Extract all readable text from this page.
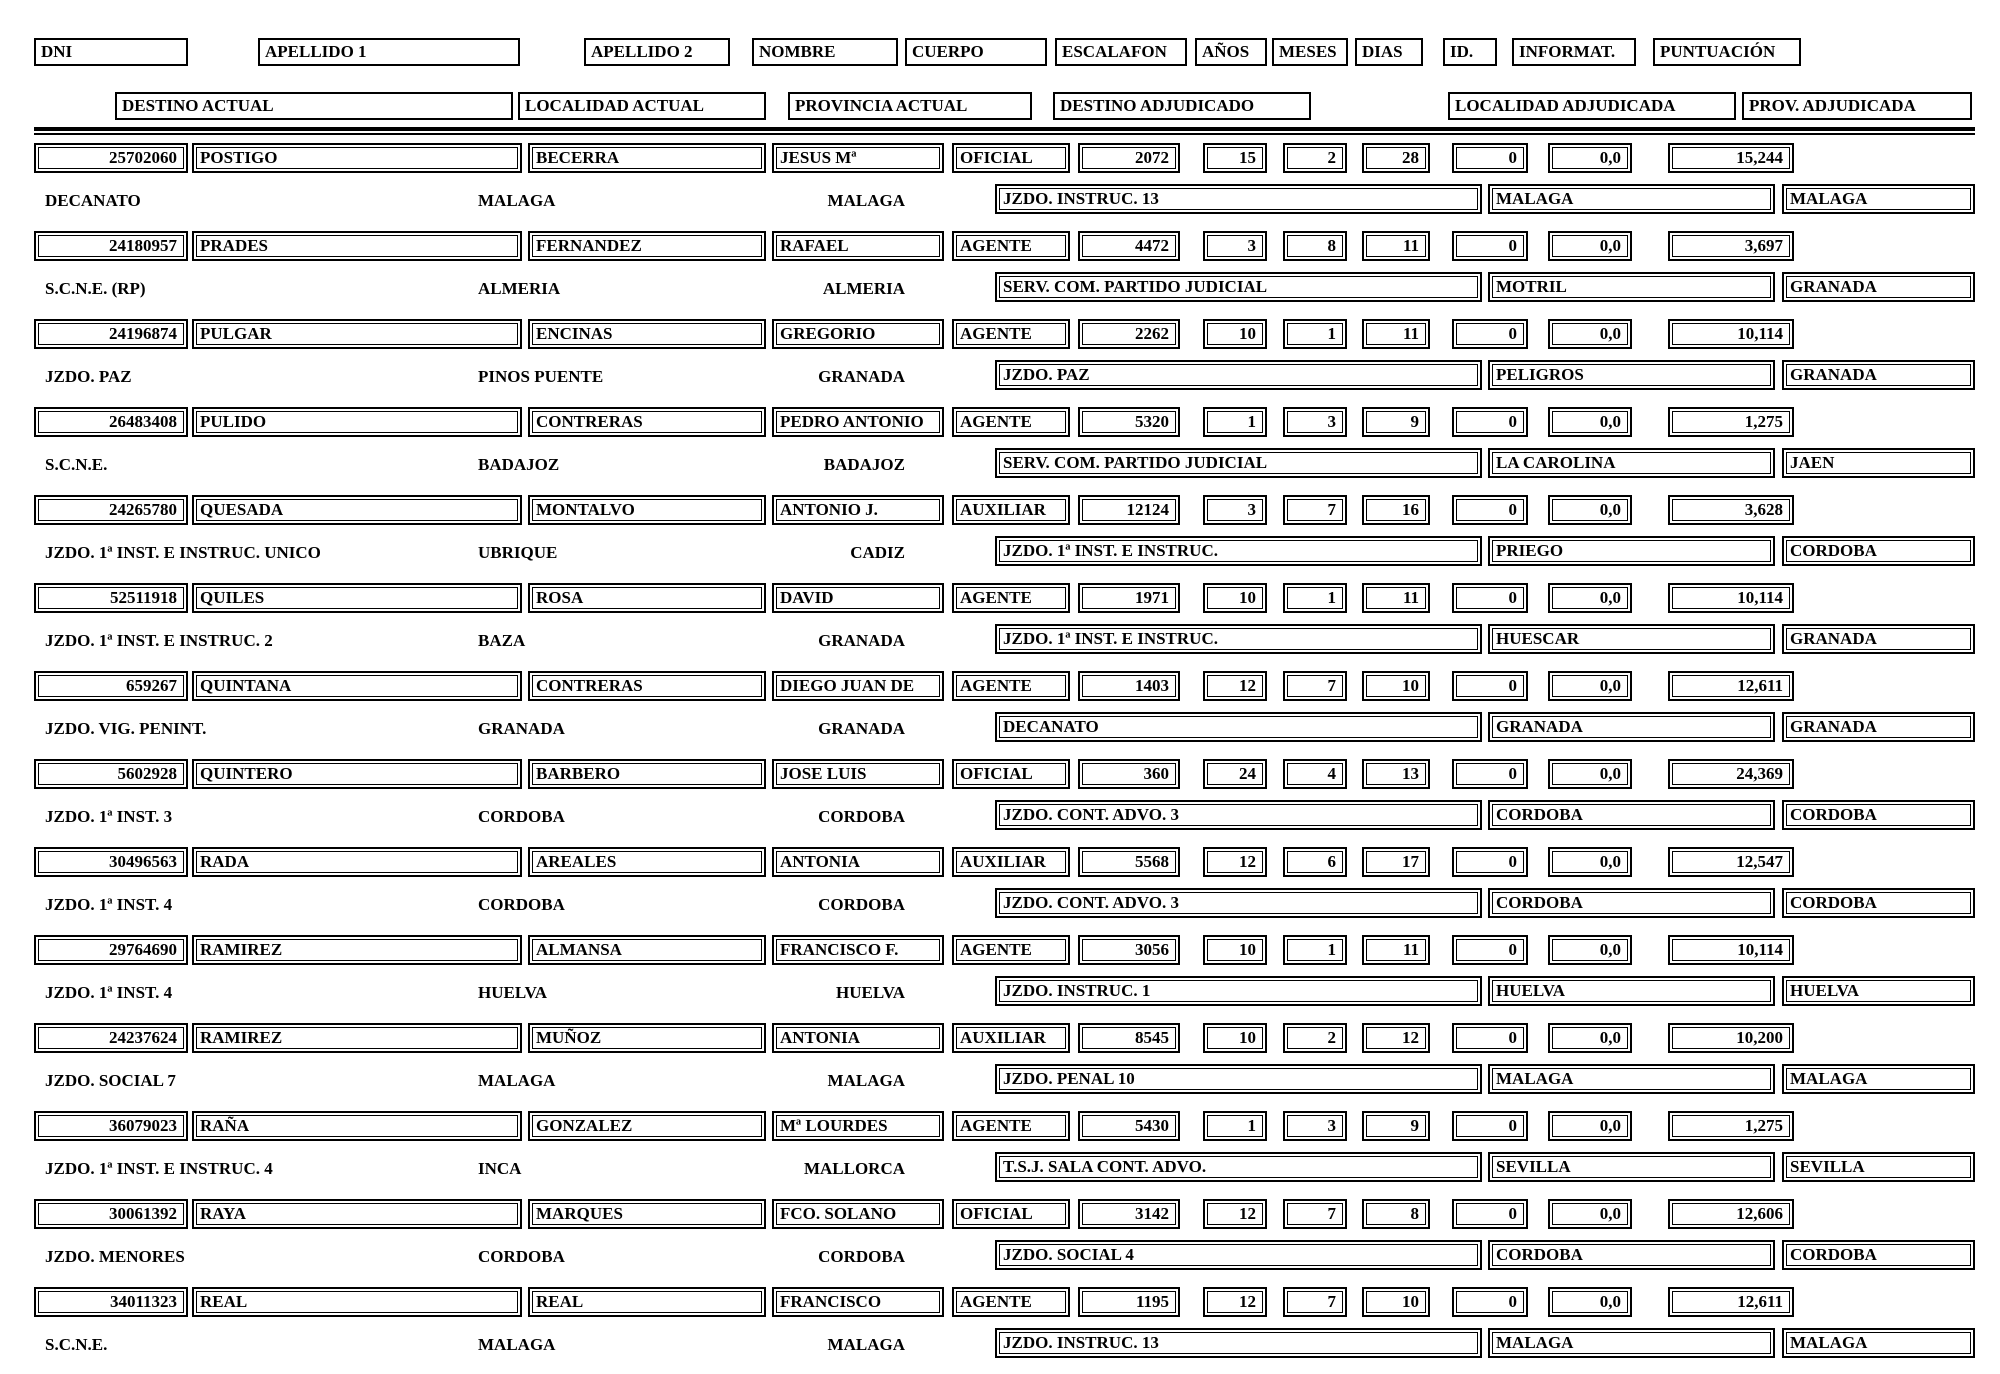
DNI	APELLIDO 1	APELLIDO 2	NOMBRE	CUERPO	ESCALAFON	AÑOS	MESES	DIAS	ID.	INFORMAT.	PUNTUACIÓN
DESTINO ACTUAL	LOCALIDAD ACTUAL	PROVINCIA ACTUAL	DESTINO ADJUDICADO	LOCALIDAD ADJUDICADA	PROV. ADJUDICADA
25702060	POSTIGO	BECERRA	JESUS Mª	OFICIAL	2072	15	2	28	0	0,0	15,244
DECANATO	MALAGA	MALAGA	JZDO. INSTRUC. 13	MALAGA	MALAGA
24180957	PRADES	FERNANDEZ	RAFAEL	AGENTE	4472	3	8	11	0	0,0	3,697
S.C.N.E. (RP)	ALMERIA	ALMERIA	SERV. COM. PARTIDO JUDICIAL	MOTRIL	GRANADA
24196874	PULGAR	ENCINAS	GREGORIO	AGENTE	2262	10	1	11	0	0,0	10,114
JZDO. PAZ	PINOS PUENTE	GRANADA	JZDO. PAZ	PELIGROS	GRANADA
26483408	PULIDO	CONTRERAS	PEDRO ANTONIO	AGENTE	5320	1	3	9	0	0,0	1,275
S.C.N.E.	BADAJOZ	BADAJOZ	SERV. COM. PARTIDO JUDICIAL	LA CAROLINA	JAEN
24265780	QUESADA	MONTALVO	ANTONIO J.	AUXILIAR	12124	3	7	16	0	0,0	3,628
JZDO. 1ª INST. E INSTRUC. UNICO	UBRIQUE	CADIZ	JZDO. 1ª INST. E INSTRUC.	PRIEGO	CORDOBA
52511918	QUILES	ROSA	DAVID	AGENTE	1971	10	1	11	0	0,0	10,114
JZDO. 1ª INST. E INSTRUC. 2	BAZA	GRANADA	JZDO. 1ª INST. E INSTRUC.	HUESCAR	GRANADA
659267	QUINTANA	CONTRERAS	DIEGO JUAN DE	AGENTE	1403	12	7	10	0	0,0	12,611
JZDO. VIG. PENINT.	GRANADA	GRANADA	DECANATO	GRANADA	GRANADA
5602928	QUINTERO	BARBERO	JOSE LUIS	OFICIAL	360	24	4	13	0	0,0	24,369
JZDO. 1ª INST. 3	CORDOBA	CORDOBA	JZDO. CONT. ADVO. 3	CORDOBA	CORDOBA
30496563	RADA	AREALES	ANTONIA	AUXILIAR	5568	12	6	17	0	0,0	12,547
JZDO. 1ª INST. 4	CORDOBA	CORDOBA	JZDO. CONT. ADVO. 3	CORDOBA	CORDOBA
29764690	RAMIREZ	ALMANSA	FRANCISCO F.	AGENTE	3056	10	1	11	0	0,0	10,114
JZDO. 1ª INST. 4	HUELVA	HUELVA	JZDO. INSTRUC. 1	HUELVA	HUELVA
24237624	RAMIREZ	MUÑOZ	ANTONIA	AUXILIAR	8545	10	2	12	0	0,0	10,200
JZDO. SOCIAL 7	MALAGA	MALAGA	JZDO. PENAL 10	MALAGA	MALAGA
36079023	RAÑA	GONZALEZ	Mª LOURDES	AGENTE	5430	1	3	9	0	0,0	1,275
JZDO. 1ª INST. E INSTRUC. 4	INCA	MALLORCA	T.S.J. SALA CONT. ADVO.	SEVILLA	SEVILLA
30061392	RAYA	MARQUES	FCO. SOLANO	OFICIAL	3142	12	7	8	0	0,0	12,606
JZDO. MENORES	CORDOBA	CORDOBA	JZDO. SOCIAL 4	CORDOBA	CORDOBA
34011323	REAL	REAL	FRANCISCO	AGENTE	1195	12	7	10	0	0,0	12,611
S.C.N.E.	MALAGA	MALAGA	JZDO. INSTRUC. 13	MALAGA	MALAGA
